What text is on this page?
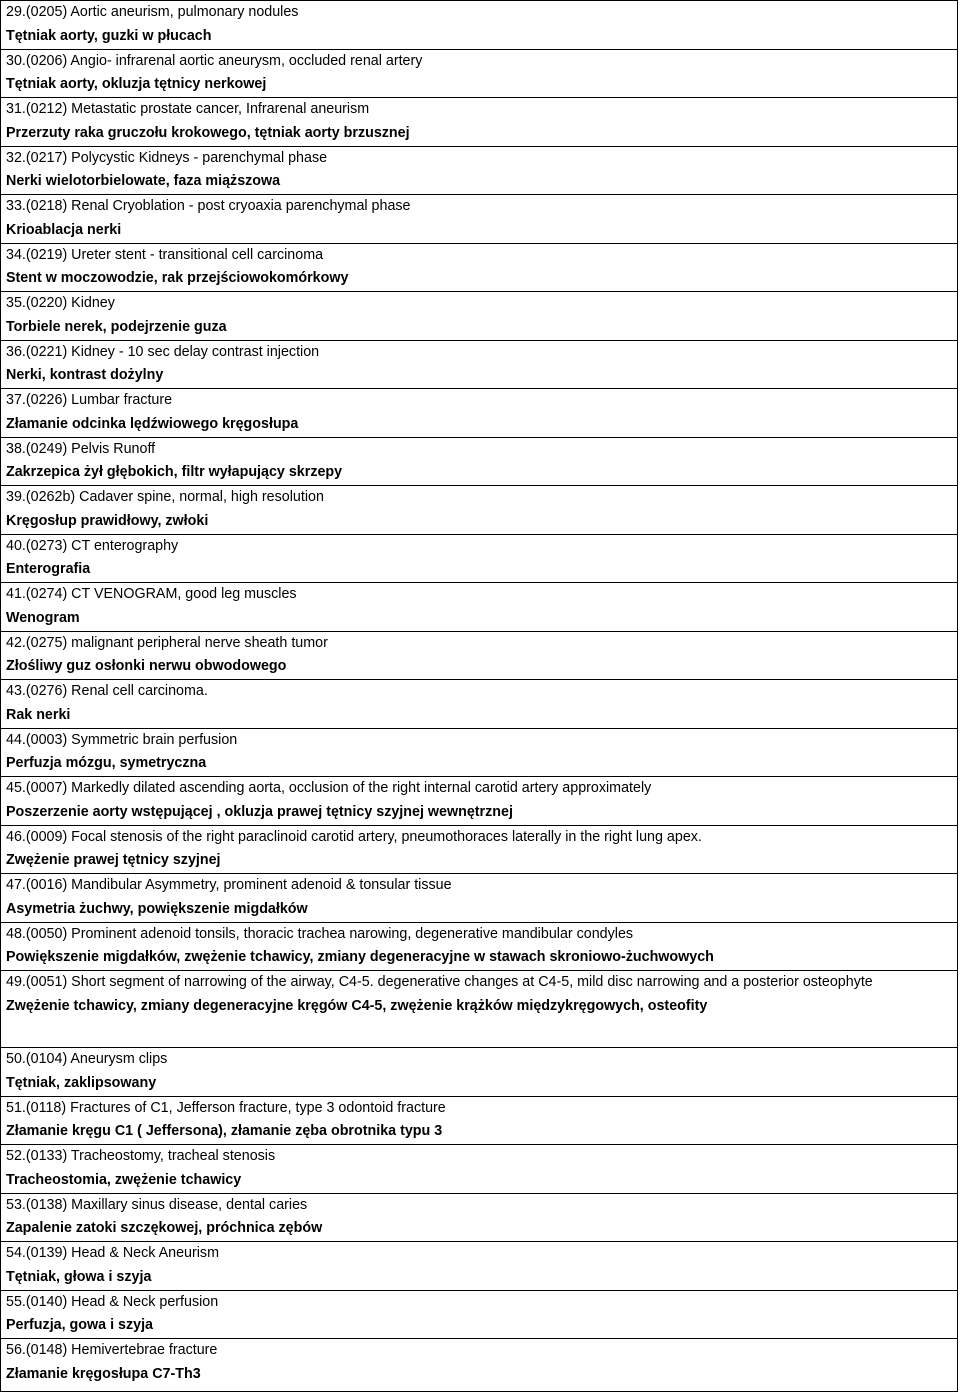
29.(0205) Aortic aneurism, pulmonary nodules
Tętniak aorty, guzki w płucach
30.(0206) Angio- infrarenal aortic aneurysm, occluded renal artery
Tętniak aorty, okluzja tętnicy nerkowej
31.(0212) Metastatic prostate cancer, Infrarenal aneurism
Przerzuty raka gruczołu krokowego, tętniak aorty brzusznej
32.(0217) Polycystic Kidneys - parenchymal phase
Nerki wielotorbielowate, faza miąższowa
33.(0218) Renal Cryoblation - post cryoaxia parenchymal phase
Krioablacja nerki
34.(0219) Ureter stent - transitional cell carcinoma
Stent w moczowodzie, rak przejściowokomórkowy
35.(0220) Kidney
Torbiele nerek, podejrzenie guza
36.(0221) Kidney - 10 sec delay contrast injection
Nerki, kontrast dożylny
37.(0226) Lumbar fracture
Złamanie odcinka lędźwiowego kręgosłupa
38.(0249) Pelvis Runoff
Zakrzepica żył głębokich, filtr wyłapujący skrzepy
39.(0262b) Cadaver spine, normal, high resolution
Kręgosłup prawidłowy, zwłoki
40.(0273) CT enterography
Enterografia
41.(0274) CT VENOGRAM, good leg muscles
Wenogram
42.(0275) malignant peripheral nerve sheath tumor
Złośliwy guz osłonki nerwu obwodowego
43.(0276) Renal cell carcinoma.
Rak nerki
44.(0003) Symmetric brain perfusion
Perfuzja mózgu, symetryczna
45.(0007) Markedly dilated ascending aorta, occlusion of the right internal carotid artery approximately
Poszerzenie aorty wstępującej , okluzja prawej tętnicy szyjnej wewnętrznej
46.(0009) Focal stenosis of the right paraclinoid carotid artery, pneumothoraces laterally in the right lung apex.
Zwężenie prawej tętnicy szyjnej
47.(0016) Mandibular Asymmetry, prominent adenoid & tonsular tissue
Asymetria żuchwy, powiększenie migdałków
48.(0050) Prominent adenoid tonsils, thoracic trachea narowing, degenerative mandibular condyles
Powiększenie migdałków, zwężenie tchawicy, zmiany degeneracyjne w stawach skroniowo-żuchwowych
49.(0051) Short segment of narrowing of the airway, C4-5. degenerative changes at C4-5, mild disc narrowing and a posterior osteophyte
Zwężenie tchawicy, zmiany degeneracyjne kręgów C4-5, zwężenie krążków międzykręgowych, osteofity
50.(0104) Aneurysm clips
Tętniak, zaklipsowany
51.(0118) Fractures of C1, Jefferson fracture, type 3 odontoid fracture
Złamanie kręgu C1 ( Jeffersona), złamanie zęba obrotnika typu 3
52.(0133) Tracheostomy, tracheal stenosis
Tracheostomia, zwężenie tchawicy
53.(0138) Maxillary sinus disease, dental caries
Zapalenie zatoki szczękowej, próchnica zębów
54.(0139) Head & Neck Aneurism
Tętniak, głowa i szyja
55.(0140) Head & Neck perfusion
Perfuzja, gowa i szyja
56.(0148) Hemivertebrae fracture
Złamanie kręgosłupa C7-Th3
